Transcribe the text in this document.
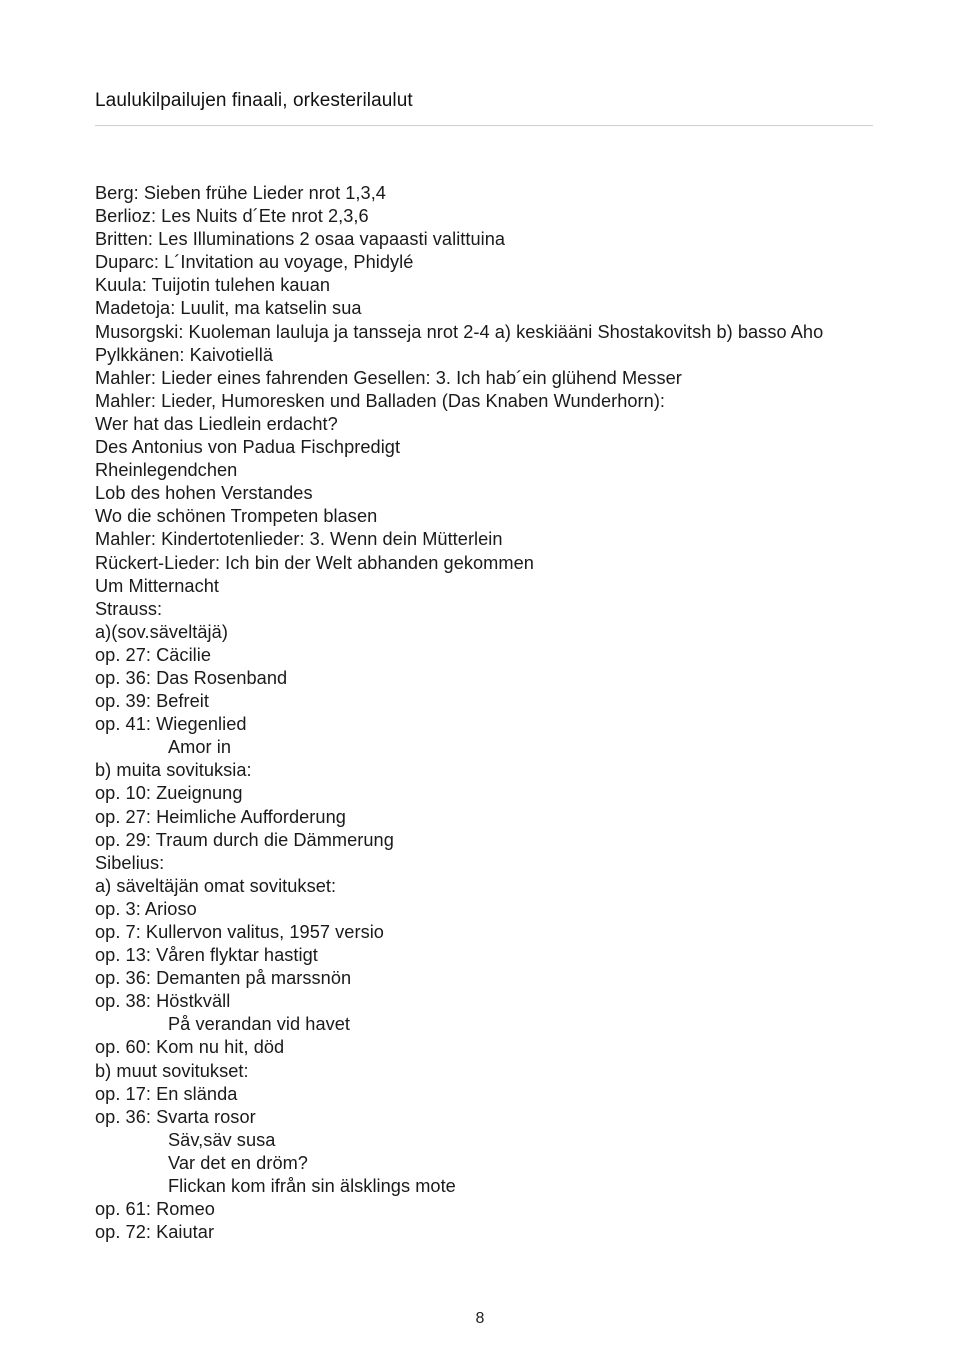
Laulukilpailujen finaali, orkesterilaulut
Berg: Sieben frühe Lieder nrot 1,3,4
Berlioz: Les Nuits d´Ete nrot 2,3,6
Britten: Les Illuminations 2 osaa vapaasti valittuina
Duparc: L´Invitation au voyage, Phidylé
Kuula: Tuijotin tulehen kauan
Madetoja: Luulit, ma katselin sua
Musorgski: Kuoleman lauluja ja tansseja nrot 2-4 a) keskiääni Shostakovitsh b) basso Aho
Pylkkänen: Kaivotiellä
Mahler: Lieder eines fahrenden Gesellen: 3. Ich hab´ein glühend Messer
Mahler: Lieder, Humoresken und Balladen (Das Knaben Wunderhorn):
Wer hat das Liedlein erdacht?
Des Antonius von Padua Fischpredigt
Rheinlegendchen
Lob des hohen Verstandes
Wo die schönen Trompeten blasen
Mahler: Kindertotenlieder: 3. Wenn dein Mütterlein
Rückert-Lieder: Ich bin der Welt abhanden gekommen
Um Mitternacht
Strauss:
a)(sov.säveltäjä)
op. 27: Cäcilie
op. 36: Das Rosenband
op. 39: Befreit
op. 41: Wiegenlied
Amor in
b) muita sovituksia:
op. 10: Zueignung
op. 27: Heimliche Aufforderung
op. 29: Traum durch die Dämmerung
Sibelius:
a) säveltäjän omat sovitukset:
op. 3: Arioso
op. 7: Kullervon valitus, 1957 versio
op. 13: Våren flyktar hastigt
op. 36: Demanten på marssnön
op. 38: Höstkväll
På verandan vid havet
op. 60: Kom nu hit, död
b) muut sovitukset:
op. 17: En slända
op. 36: Svarta rosor
Säv,säv susa
Var det en dröm?
Flickan kom ifrån sin älsklings mote
op. 61: Romeo
op. 72: Kaiutar
8
